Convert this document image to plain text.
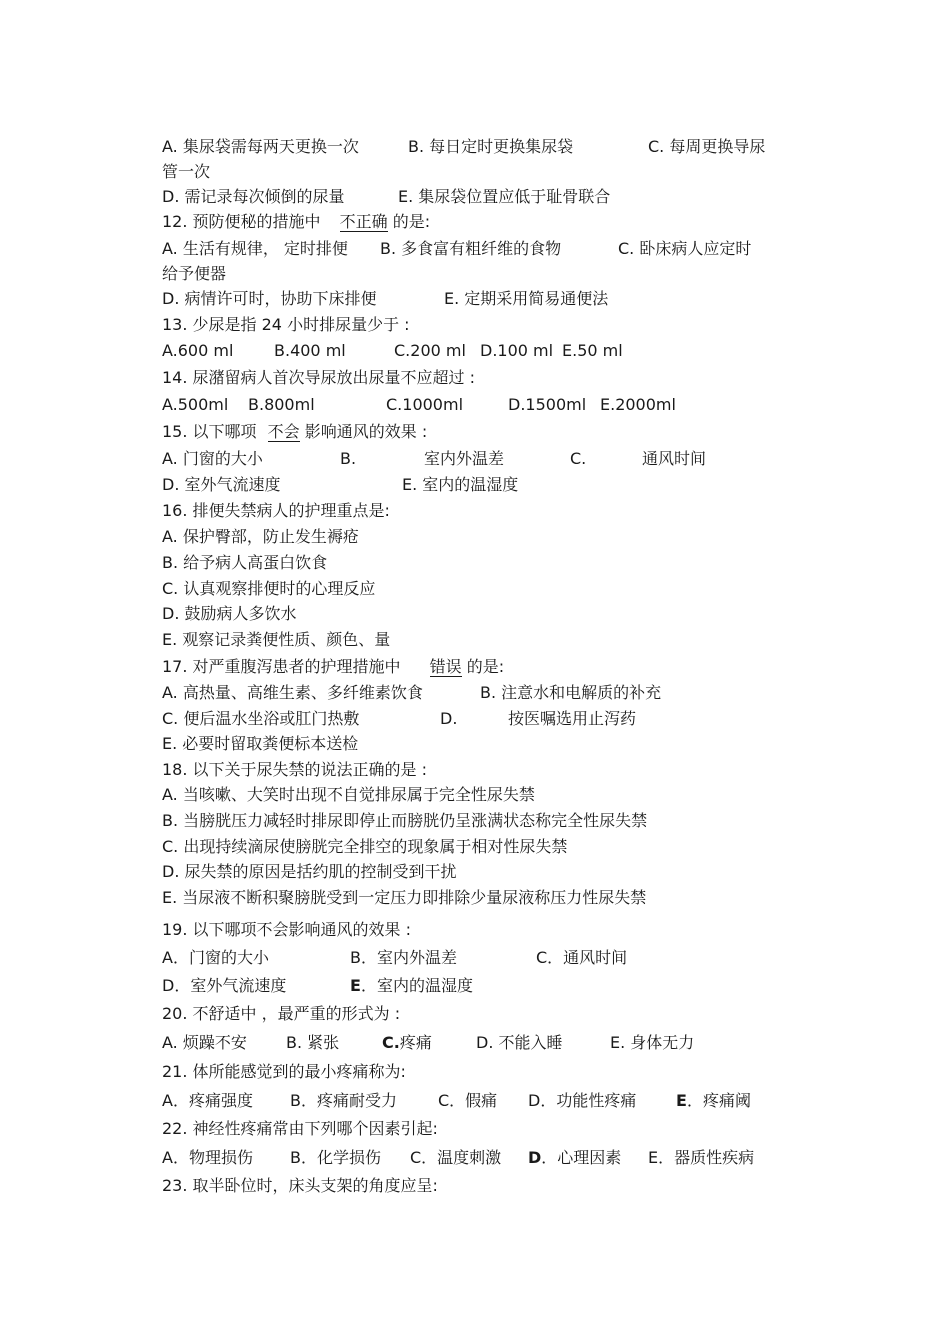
A. 集尿袋需每两天更换一次	B. 每日定时更换集尿袋	C. 每周更换导尿
管一次
D. 需记录每次倾倒的尿量	E. 集尿袋位置应低于耻骨联合
12. 预防便秘的措施中 不正确 的是:
A. 生活有规律， 定时排便 B. 多食富有粗纤维的食物	C. 卧床病人应定时
给予便器
D. 病情许可时，协助下床排便	E. 定期采用简易通便法
13. 少尿是指 24 小时排尿量少于 :
A.600 ml	B.400 ml	C.200 ml D.100 ml E.50 ml
14. 尿潴留病人首次导尿放出尿量不应超过 :
A.500ml B.800ml	C.1000ml	D.1500ml E.2000ml
15. 以下哪项 不会 影响通风的效果 :
A. 门窗的大小	B.	室内外温差	C.	通风时间
D. 室外气流速度	E. 室内的温湿度
16. 排便失禁病人的护理重点是:
A. 保护臀部，防止发生褥疮
B. 给予病人高蛋白饮食
C. 认真观察排便时的心理反应
D. 鼓励病人多饮水
E. 观察记录粪便性质、颜色、量
17. 对严重腹泻患者的护理措施中 错误 的是:
A. 高热量、高维生素、多纤维素饮食	B. 注意水和电解质的补充
C. 便后温水坐浴或肛门热敷	D.	按医嘱选用止泻药
E. 必要时留取粪便标本送检
18. 以下关于尿失禁的说法正确的是 :
A. 当咳嗽、大笑时出现不自觉排尿属于完全性尿失禁
B. 当膀胱压力减轻时排尿即停止而膀胱仍呈涨满状态称完全性尿失禁
C. 出现持续滴尿使膀胱完全排空的现象属于相对性尿失禁
D. 尿失禁的原因是括约肌的控制受到干扰
E. 当尿液不断积聚膀胱受到一定压力即排除少量尿液称压力性尿失禁
19. 以下哪项不会影响通风的效果 :
A．门窗的大小	B．室内外温差	C．通风时间
D．室外气流速度	E．室内的温湿度
20. 不舒适中 ，最严重的形式为 :
A. 烦躁不安 B. 紧张	C.疼痛	D. 不能入睡	E. 身体无力
21. 体所能感觉到的最小疼痛称为:
A．疼痛强度 B．疼痛耐受力	C．假痛 D．功能性疼痛 E．疼痛阈
22. 神经性疼痛常由下列哪个因素引起:
A．物理损伤 B．化学损伤 C．温度刺激 D．心理因素 E．器质性疾病
23. 取半卧位时，床头支架的角度应呈:
